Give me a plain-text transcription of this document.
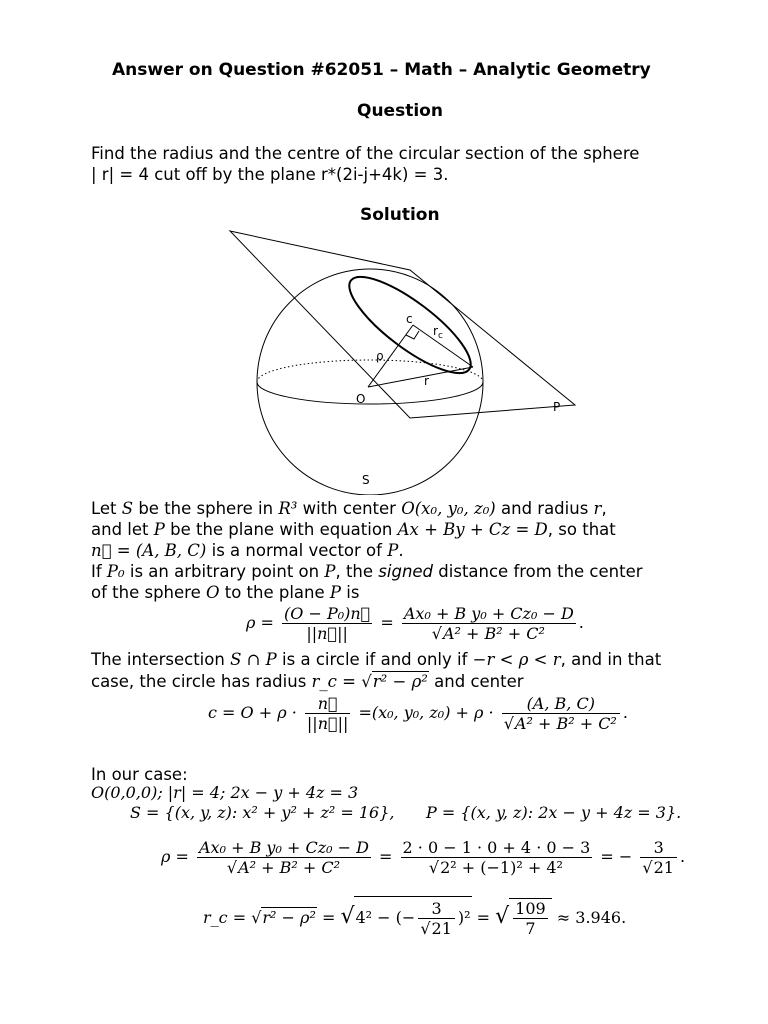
Answer on Question #62051 – Math – Analytic Geometry
Question
Find the radius and the centre of the circular section of the sphere
| r| = 4 cut off by the plane r*(2i-j+4k) = 3.
Solution
c
$r_c$
ρ
r
O
P
S
Let S be the sphere in R³ with center O(x₀, y₀, z₀) and radius r,
and let P be the plane with equation Ax + By + Cz = D, so that
n⃗ = (A, B, C) is a normal vector of P.
If P₀ is an arbitrary point on P, the signed distance from the center
of the sphere O to the plane P is
$\rho = \frac{\text{(O − P₀)n⃗}}{||n⃗||} = \frac{\text{Ax₀ + B y₀ + Cz₀ − D}}{\text{√A² + B² + C²}}$ .
The intersection S ∩ P is a circle if and only if −r < ρ < r, and in that
case, the circle has radius r_c = √r² − ρ² and center
$c = O + \rho \cdot \frac{n⃗}{||n⃗||} =(x_0$, y₀, $z_0) + \rho \cdot \frac{(A, B, C)}{\text{√A² + B² + C²}}$ .
In our case:
O(0,0,0); |r| = 4; 2x − y + 4z = 3
S = {(x, y, z): x² + y² + z² = 16}, P = {(x, y, z): 2x − y + 4z = 3}.
$\rho = \frac{\text{Ax₀ + B y₀ + Cz₀ − D}}{\text{√A² + B² + C²}} = \frac{2 \cdot 0 - 1 \cdot 0 + 4 \cdot 0 - 3}{\text{√2² + (−1)² + 4²}}$ = − $\frac{3}{√21}$ .
r_c = √r² − ρ² = √4² − (− $\frac{3}{√21} )^2$ = √ $\frac{109}{7} \approx 3.946$.
